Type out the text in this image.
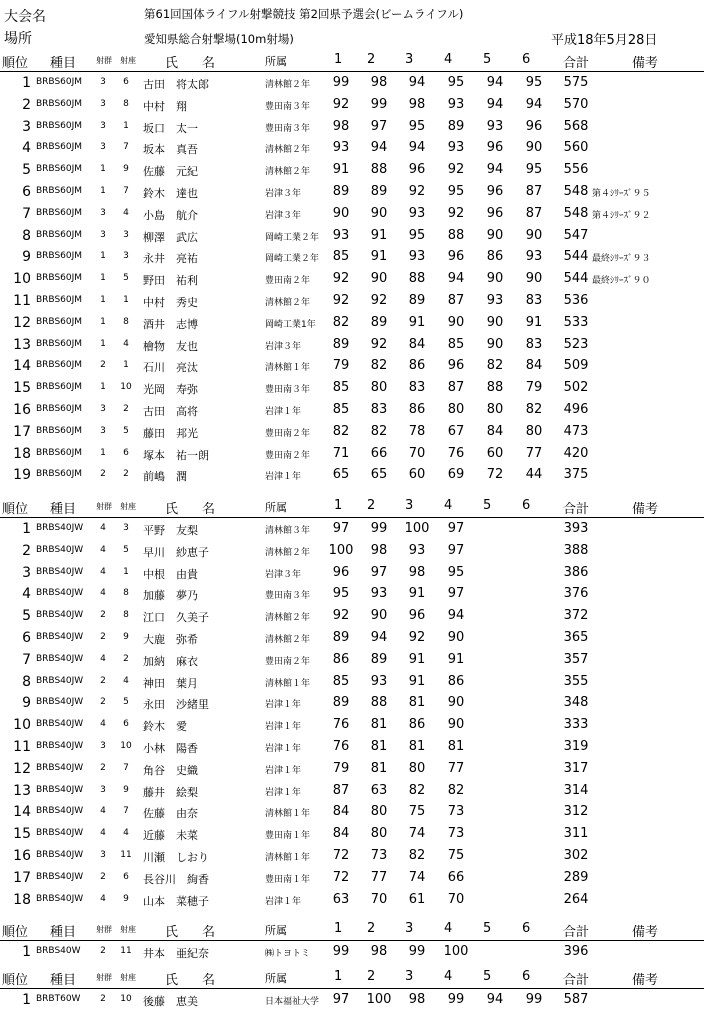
大会名	第61回国体ライフル射撃競技 第2回県予選会(ビームライフル)
場所	愛知県総合射撃場(10m射場)	平成18年5月28日
順位 種目 射群 射座 氏 名	所属	1 2 3 4 5 6	合計	備考
1 BRBS60JM	3	6	古田　将太郎	清林館２年	99	98	94	95	94	95	575
2 BRBS60JM	3	8	中村　翔	豊田南３年	92	99	98	93	94	94	570
3 BRBS60JM	3	1	坂口　太一	豊田南３年	98	97	95	89	93	96	568
4 BRBS60JM	3	7	坂本　真吾	清林館２年	93	94	94	93	96	90	560
5 BRBS60JM	1	9	佐藤　元紀	清林館２年	91	88	96	92	94	95	556
6 BRBS60JM	1	7	鈴木　達也	岩津３年	89	89	92	95	96	87	548 第４ｼﾘｰｽﾞ９５
7 BRBS60JM	3	4	小島　航介	岩津３年	90	90	93	92	96	87	548 第４ｼﾘｰｽﾞ９２
8 BRBS60JM	3	3	柳澤　武広	岡崎工業２年	93	91	95	88	90	90	547
9 BRBS60JM	1	3	永井　亮祐	岡崎工業２年	85	91	93	96	86	93	544 最終ｼﾘｰｽﾞ９３
10 BRBS60JM	1	5	野田　祐利	豊田南２年	92	90	88	94	90	90	544 最終ｼﾘｰｽﾞ９０
11 BRBS60JM	1	1	中村　秀史	清林館２年	92	92	89	87	93	83	536
12 BRBS60JM	1	8	酒井　志博	岡崎工業1年	82	89	91	90	90	91	533
13 BRBS60JM	1	4	檜物　友也	岩津３年	89	92	84	85	90	83	523
14 BRBS60JM	2	1	石川　亮汰	清林館１年	79	82	86	96	82	84	509
15 BRBS60JM	1	10 光岡　寿弥	豊田南３年	85	80	83	87	88	79	502
16 BRBS60JM	3	2	古田　高将	岩津１年	85	83	86	80	80	82	496
17 BRBS60JM	3	5	藤田　邦光	豊田南２年	82	82	78	67	84	80	473
18 BRBS60JM	1	6	塚本　祐一朗	豊田南２年	71	66	70	76	60	77	420
19 BRBS60JM	2	2	前嶋　潤	岩津１年	65	65	60	69	72	44	375
順位 種目 射群 射座 氏 名	所属	1 2 3 4 5 6	合計	備考
1 BRBS40JW	4	3	平野　友梨	清林館３年	97	99	100	97	393
2 BRBS40JW	4	5	早川　紗恵子	清林館２年	100	98	93	97	388
3 BRBS40JW	4	1	中根　由貴	岩津３年	96	97	98	95	386
4 BRBS40JW	4	8	加藤　夢乃	豊田南３年	95	93	91	97	376
5 BRBS40JW	2	8	江口　久美子	清林館２年	92	90	96	94	372
6 BRBS40JW	2	9	大鹿　弥希	清林館２年	89	94	92	90	365
7 BRBS40JW	4	2	加納　麻衣	豊田南２年	86	89	91	91	357
8 BRBS40JW	2	4	神田　葉月	清林館１年	85	93	91	86	355
9 BRBS40JW	2	5	永田　沙緒里	岩津１年	89	88	81	90	348
10 BRBS40JW	4	6	鈴木　愛	岩津１年	76	81	86	90	333
11 BRBS40JW	3	10 小林　陽香	岩津１年	76	81	81	81	319
12 BRBS40JW	2	7	角谷　史織	岩津１年	79	81	80	77	317
13 BRBS40JW	3	9	藤井　絵梨	岩津１年	87	63	82	82	314
14 BRBS40JW	4	7	佐藤　由奈	清林館１年	84	80	75	73	312
15 BRBS40JW	4	4	近藤　未菜	豊田南１年	84	80	74	73	311
16 BRBS40JW	3	11 川瀬　しおり	清林館１年	72	73	82	75	302
17 BRBS40JW	2	6	長谷川　絢香	豊田南１年	72	77	74	66	289
18 BRBS40JW	4	9	山本　菜穂子	岩津１年	63	70	61	70	264
順位 種目 射群 射座 氏 名	所属	1 2 3 4 5 6	合計	備考
1 BRBS40W	2	11 井本　亜紀奈	㈱トヨトミ	99	98	99	100	396
順位 種目 射群 射座 氏 名	所属	1 2 3 4 5 6	合計	備考
1 BRBT60W	2	10 後藤　恵美	日本福祉大学	97	100	98	99	94	99	587
